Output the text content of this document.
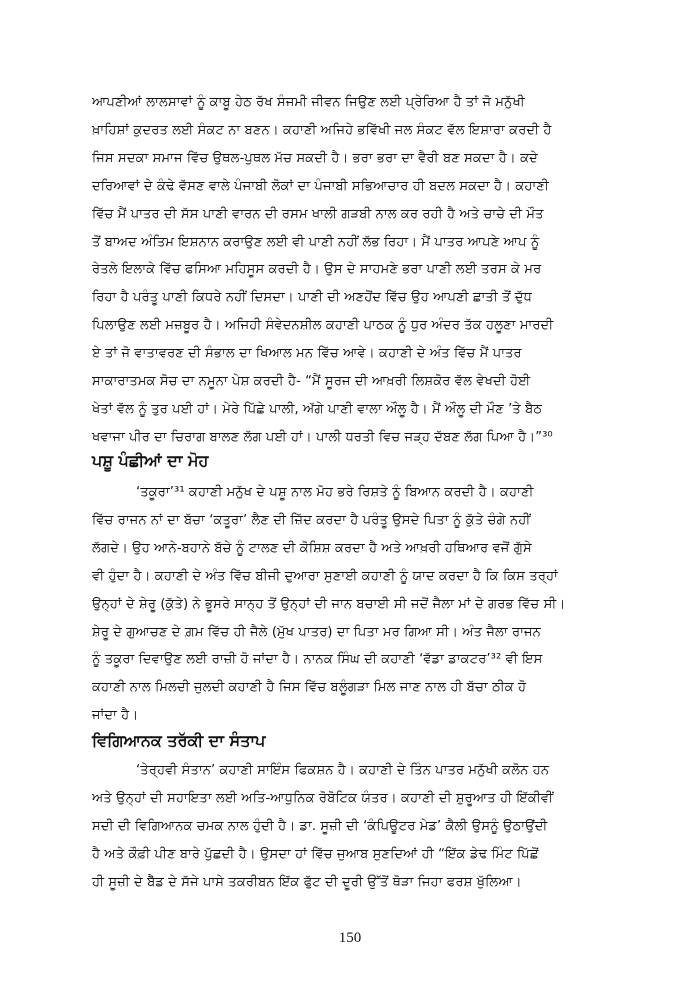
ਆਪਣੀਆਂ ਲਾਲਸਾਵਾਂ ਨੂੰ ਕਾਬੂ ਹੇਠ ਰੱਖ ਸੰਜਮੀ ਜੀਵਨ ਜਿਉਣ ਲਈ ਪ੍ਰੇਰਿਆ ਹੈ ਤਾਂ ਜੋ ਮਨੁੱਖੀ

ਖ਼ਾਹਿਸ਼ਾਂ ਕੁਦਰਤ ਲਈ ਸੰਕਟ ਨਾ ਬਣਨ। ਕਹਾਣੀ ਅਜਿਹੇ ਭਵਿੱਖੀ ਜਲ ਸੰਕਟ ਵੱਲ ਇਸ਼ਾਰਾ ਕਰਦੀ ਹੈ

ਜਿਸ ਸਦਕਾ ਸਮਾਜ ਵਿੱਚ ਉਥਲ-ਪੁਥਲ ਮੱਚ ਸਕਦੀ ਹੈ। ਭਰਾ ਭਰਾ ਦਾ ਵੈਰੀ ਬਣ ਸਕਦਾ ਹੈ। ਕਦੇ

ਦਰਿਆਵਾਂ ਦੇ ਕੰਢੇ ਵੱਸਣ ਵਾਲੇ ਪੰਜਾਬੀ ਲੋਕਾਂ ਦਾ ਪੰਜਾਬੀ ਸਭਿਆਚਾਰ ਹੀ ਬਦਲ ਸਕਦਾ ਹੈ। ਕਹਾਣੀ

ਵਿੱਚ ਮੈਂ ਪਾਤਰ ਦੀ ਸੱਸ ਪਾਣੀ ਵਾਰਨ ਦੀ ਰਸਮ ਖਾਲੀ ਗੜਬੀ ਨਾਲ ਕਰ ਰਹੀ ਹੈ ਅਤੇ ਚਾਚੇ ਦੀ ਮੌਤ

ਤੋਂ ਬਾਅਦ ਅੰਤਿਮ ਇਸ਼ਨਾਨ ਕਰਾਉਣ ਲਈ ਵੀ ਪਾਣੀ ਨਹੀਂ ਲੱਭ ਰਿਹਾ। ਮੈਂ ਪਾਤਰ ਆਪਣੇ ਆਪ ਨੂੰ

ਰੇਤਲੇ ਇਲਾਕੇ ਵਿੱਚ ਫਸਿਆ ਮਹਿਸੂਸ ਕਰਦੀ ਹੈ। ਉਸ ਦੇ ਸਾਹਮਣੇ ਭਰਾ ਪਾਣੀ ਲਈ ਤਰਸ ਕੇ ਮਰ

ਰਿਹਾ ਹੈ ਪਰੰਤੂ ਪਾਣੀ ਕਿਧਰੇ ਨਹੀਂ ਦਿਸਦਾ। ਪਾਣੀ ਦੀ ਅਣਹੋਂਦ ਵਿੱਚ ਉਹ ਆਪਣੀ ਛਾਤੀ ਤੋਂ ਦੁੱਧ

ਪਿਲਾਉਣ ਲਈ ਮਜ਼ਬੂਰ ਹੈ। ਅਜਿਹੀ ਸੰਵੇਦਨਸ਼ੀਲ ਕਹਾਣੀ ਪਾਠਕ ਨੂੰ ਧੁਰ ਅੰਦਰ ਤੱਕ ਹਲੂਣਾ ਮਾਰਦੀ

ਏ ਤਾਂ ਜੋ ਵਾਤਾਵਰਣ ਦੀ ਸੰਭਾਲ ਦਾ ਖਿਆਲ ਮਨ ਵਿੱਚ ਆਵੇ। ਕਹਾਣੀ ਦੇ ਅੰਤ ਵਿੱਚ ਮੈਂ ਪਾਤਰ

ਸਾਕਾਰਾਤਮਕ ਸੋਚ ਦਾ ਨਮੂਨਾ ਪੇਸ਼ ਕਰਦੀ ਹੈ- “ਮੈਂ ਸੂਰਜ ਦੀ ਆਖ਼ਰੀ ਲਿਸ਼ਕੋਰ ਵੱਲ ਵੇਖਦੀ ਹੋਈ

ਖੇਤਾਂ ਵੱਲ ਨੂੰ ਤੁਰ ਪਈ ਹਾਂ। ਮੇਰੇ ਪਿੱਛੇ ਪਾਲੀ, ਅੱਗੇ ਪਾਣੀ ਵਾਲਾ ਔਲੂ ਹੈ। ਮੈਂ ਔਲੂ ਦੀ ਮੌਣ ’ਤੇ ਬੈਠ

ਖਵਾਜਾ ਪੀਰ ਦਾ ਚਿਰਾਗ ਬਾਲਣ ਲੱਗ ਪਈ ਹਾਂ। ਪਾਲੀ ਧਰਤੀ ਵਿਚ ਜੜ੍ਹ ਦੱਬਣ ਲੱਗ ਪਿਆ ਹੈ।”³⁰

ਪਸ਼ੂ ਪੰਛੀਆਂ ਦਾ ਮੋਹ

‘ਤਕੂਰਾ’³¹ ਕਹਾਣੀ ਮਨੁੱਖ ਦੇ ਪਸ਼ੂ ਨਾਲ ਮੋਹ ਭਰੇ ਰਿਸ਼ਤੇ ਨੂੰ ਬਿਆਨ ਕਰਦੀ ਹੈ। ਕਹਾਣੀ

ਵਿੱਚ ਰਾਜਨ ਨਾਂ ਦਾ ਬੱਚਾ ‘ਕਤੂਰਾ’ ਲੈਣ ਦੀ ਜ਼ਿੱਦ ਕਰਦਾ ਹੈ ਪਰੰਤੂ ਉਸਦੇ ਪਿਤਾ ਨੂੰ ਕੁੱਤੇ ਚੰਗੇ ਨਹੀਂ

ਲੱਗਦੇ। ਉਹ ਆਨੇ-ਬਹਾਨੇ ਬੱਚੇ ਨੂੰ ਟਾਲਣ ਦੀ ਕੋਸ਼ਿਸ਼ ਕਰਦਾ ਹੈ ਅਤੇ ਆਖ਼ਰੀ ਹਥਿਆਰ ਵਜੋਂ ਗੁੱਸੇ

ਵੀ ਹੁੰਦਾ ਹੈ। ਕਹਾਣੀ ਦੇ ਅੰਤ ਵਿੱਚ ਬੀਜੀ ਦੁਆਰਾ ਸੁਣਾਈ ਕਹਾਣੀ ਨੂੰ ਯਾਦ ਕਰਦਾ ਹੈ ਕਿ ਕਿਸ ਤਰ੍ਹਾਂ

ਉਨ੍ਹਾਂ ਦੇ ਸ਼ੇਰੂ (ਕੁੱਤੇ) ਨੇ ਭੂਸਰੇ ਸਾਨ੍ਹ ਤੋਂ ਉਨ੍ਹਾਂ ਦੀ ਜਾਨ ਬਚਾਈ ਸੀ ਜਦੋਂ ਜੈਲਾ ਮਾਂ ਦੇ ਗਰਭ ਵਿੱਚ ਸੀ।

ਸ਼ੇਰੂ ਦੇ ਗੁਆਚਣ ਦੇ ਗ਼ਮ ਵਿੱਚ ਹੀ ਜੈਲੇ (ਮੁੱਖ ਪਾਤਰ) ਦਾ ਪਿਤਾ ਮਰ ਗਿਆ ਸੀ। ਅੰਤ ਜੈਲਾ ਰਾਜਨ

ਨੂੰ ਤਕੂਰਾ ਦਿਵਾਉਣ ਲਈ ਰਾਜ਼ੀ ਹੋ ਜਾਂਦਾ ਹੈ। ਨਾਨਕ ਸਿੰਘ ਦੀ ਕਹਾਣੀ ‘ਵੱਡਾ ਡਾਕਟਰ’³² ਵੀ ਇਸ

ਕਹਾਣੀ ਨਾਲ ਮਿਲਦੀ ਜੁਲਦੀ ਕਹਾਣੀ ਹੈ ਜਿਸ ਵਿੱਚ ਬਲੂੰਗੜਾ ਮਿਲ ਜਾਣ ਨਾਲ ਹੀ ਬੱਚਾ ਠੀਕ ਹੋ

ਜਾਂਦਾ ਹੈ।

ਵਿਗਿਆਨਕ ਤਰੱਕੀ ਦਾ ਸੰਤਾਪ

‘ਤੇਰ੍ਹਵੀ ਸੰਤਾਨ’ ਕਹਾਣੀ ਸਾਇੰਸ ਫਿਕਸ਼ਨ ਹੈ। ਕਹਾਣੀ ਦੇ ਤਿੰਨ ਪਾਤਰ ਮਨੁੱਖੀ ਕਲੋਨ ਹਨ

ਅਤੇ ਉਨ੍ਹਾਂ ਦੀ ਸਹਾਇਤਾ ਲਈ ਅਤਿ-ਆਧੁਨਿਕ ਰੋਬੋਟਿਕ ਯੰਤਰ। ਕਹਾਣੀ ਦੀ ਸ਼ੁਰੂਆਤ ਹੀ ਇੱਕੀਵੀਂ

ਸਦੀ ਦੀ ਵਿਗਿਆਨਕ ਚਮਕ ਨਾਲ ਹੁੰਦੀ ਹੈ। ਡਾ. ਸੂਜ਼ੀ ਦੀ ‘ਕੰਪਿਊਟਰ ਮੇਡ’ ਕੈਲੀ ਉਸਨੂੰ ਉਠਾਉਂਦੀ

ਹੈ ਅਤੇ ਕੌਫ਼ੀ ਪੀਣ ਬਾਰੇ ਪੁੱਛਦੀ ਹੈ। ਉਸਦਾ ਹਾਂ ਵਿੱਚ ਜੁਆਬ ਸੁਣਦਿਆਂ ਹੀ “ਇੱਕ ਡੇਢ ਮਿੰਟ ਪਿੱਛੋਂ

ਹੀ ਸੂਜ਼ੀ ਦੇ ਬੈੱਡ ਦੇ ਸੱਜੇ ਪਾਸੇ ਤਕਰੀਬਨ ਇੱਕ ਫੁੱਟ ਦੀ ਦੂਰੀ ਉੱਤੋਂ ਥੋੜਾ ਜਿਹਾ ਫਰਸ਼ ਖੁੱਲਿਆ।

150
